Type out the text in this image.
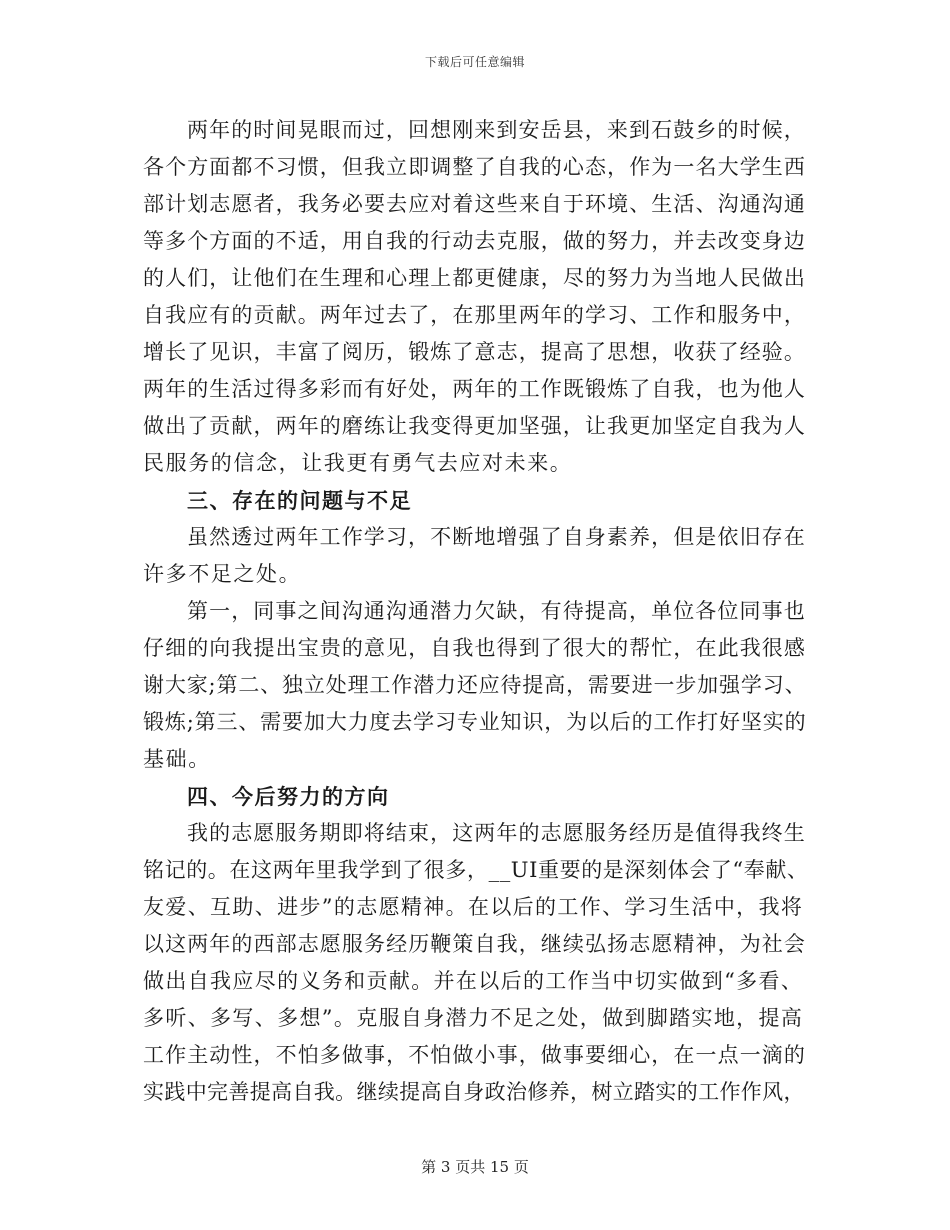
下载后可任意编辑
两年的时间晃眼而过，回想刚来到安岳县，来到石鼓乡的时候，
各个方面都不习惯，但我立即调整了自我的心态，作为一名大学生西
部计划志愿者，我务必要去应对着这些来自于环境、生活、沟通沟通
等多个方面的不适，用自我的行动去克服，做的努力，并去改变身边
的人们，让他们在生理和心理上都更健康，尽的努力为当地人民做出
自我应有的贡献。两年过去了，在那里两年的学习、工作和服务中，
增长了见识，丰富了阅历，锻炼了意志，提高了思想，收获了经验。
两年的生活过得多彩而有好处，两年的工作既锻炼了自我，也为他人
做出了贡献，两年的磨练让我变得更加坚强，让我更加坚定自我为人
民服务的信念，让我更有勇气去应对未来。
三、存在的问题与不足
虽然透过两年工作学习，不断地增强了自身素养，但是依旧存在
许多不足之处。
第一，同事之间沟通沟通潜力欠缺，有待提高，单位各位同事也
仔细的向我提出宝贵的意见，自我也得到了很大的帮忙，在此我很感
谢大家;第二、独立处理工作潜力还应待提高，需要进一步加强学习、
锻炼;第三、需要加大力度去学习专业知识，为以后的工作打好坚实的
基础。
四、今后努力的方向
我的志愿服务期即将结束，这两年的志愿服务经历是值得我终生
铭记的。在这两年里我学到了很多，__UI重要的是深刻体会了“奉献、
友爱、互助、进步”的志愿精神。在以后的工作、学习生活中，我将
以这两年的西部志愿服务经历鞭策自我，继续弘扬志愿精神，为社会
做出自我应尽的义务和贡献。并在以后的工作当中切实做到“多看、
多听、多写、多想”。克服自身潜力不足之处，做到脚踏实地，提高
工作主动性，不怕多做事，不怕做小事，做事要细心，在一点一滴的
实践中完善提高自我。继续提高自身政治修养，树立踏实的工作作风，
第 3 页共 15 页
